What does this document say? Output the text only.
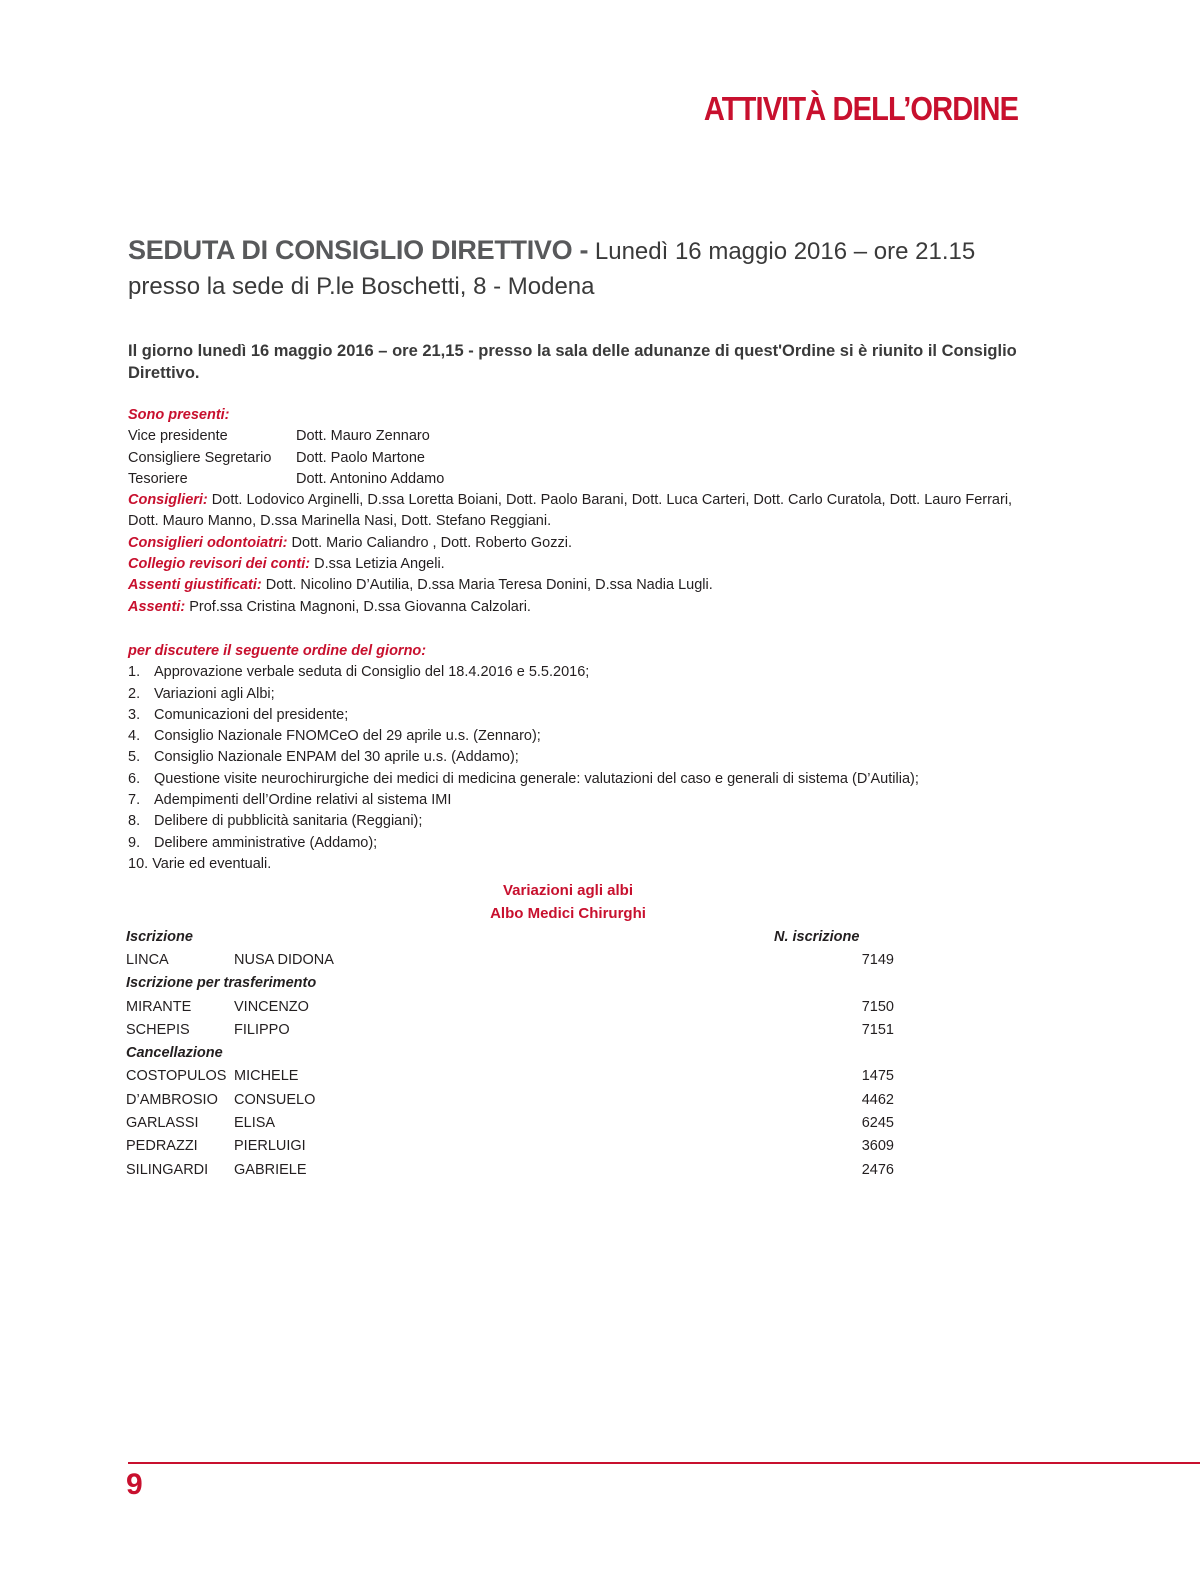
ATTIVITÀ DELL’ORDINE
SEDUTA DI CONSIGLIO DIRETTIVO - Lunedì 16 maggio 2016 – ore 21.15
presso la sede di P.le Boschetti, 8 - Modena

Il giorno lunedì 16 maggio 2016 – ore 21,15 - presso la sala delle adunanze di quest'Ordine si è riunito il Consiglio Direttivo.

Sono presenti:
Vice presidente	Dott. Mauro Zennaro
Consigliere Segretario Dott. Paolo Martone
Tesoriere	Dott. Antonino Addamo
Consiglieri: Dott. Lodovico Arginelli, D.ssa Loretta Boiani, Dott. Paolo Barani, Dott. Luca Carteri, Dott. Carlo Curatola, Dott. Lauro Ferrari, Dott. Mauro Manno, D.ssa Marinella Nasi, Dott. Stefano Reggiani.
Consiglieri odontoiatri: Dott. Mario Caliandro , Dott. Roberto Gozzi.
Collegio revisori dei conti: D.ssa Letizia Angeli.
Assenti giustificati: Dott. Nicolino D’Autilia, D.ssa Maria Teresa Donini, D.ssa Nadia Lugli.
Assenti: Prof.ssa Cristina Magnoni, D.ssa Giovanna Calzolari.
per discutere il seguente ordine del giorno:
1. Approvazione verbale seduta di Consiglio del 18.4.2016 e 5.5.2016;
2. Variazioni agli Albi;
3. Comunicazioni del presidente;
4. Consiglio Nazionale FNOMCeO del 29 aprile u.s. (Zennaro);
5. Consiglio Nazionale ENPAM del 30 aprile u.s. (Addamo);
6. Questione visite neurochirurgiche dei medici di medicina generale: valutazioni del caso e generali di sistema (D’Autilia);
7. Adempimenti dell’Ordine relativi al sistema IMI
8. Delibere di pubblicità sanitaria (Reggiani);
9. Delibere amministrative (Addamo);
10. Varie ed eventuali.
Variazioni agli albi
Albo Medici Chirurghi
Iscrizione		N. iscrizione
LINCA	NUSA DIDONA	7149
Iscrizione per trasferimento		
MIRANTE	VINCENZO	7150
SCHEPIS	FILIPPO	7151
Cancellazione		
COSTOPULOS	MICHELE	1475
D’AMBROSIO	CONSUELO	4462
GARLASSI	ELISA	6245
PEDRAZZI	PIERLUIGI	3609
SILINGARDI	GABRIELE	2476

9
